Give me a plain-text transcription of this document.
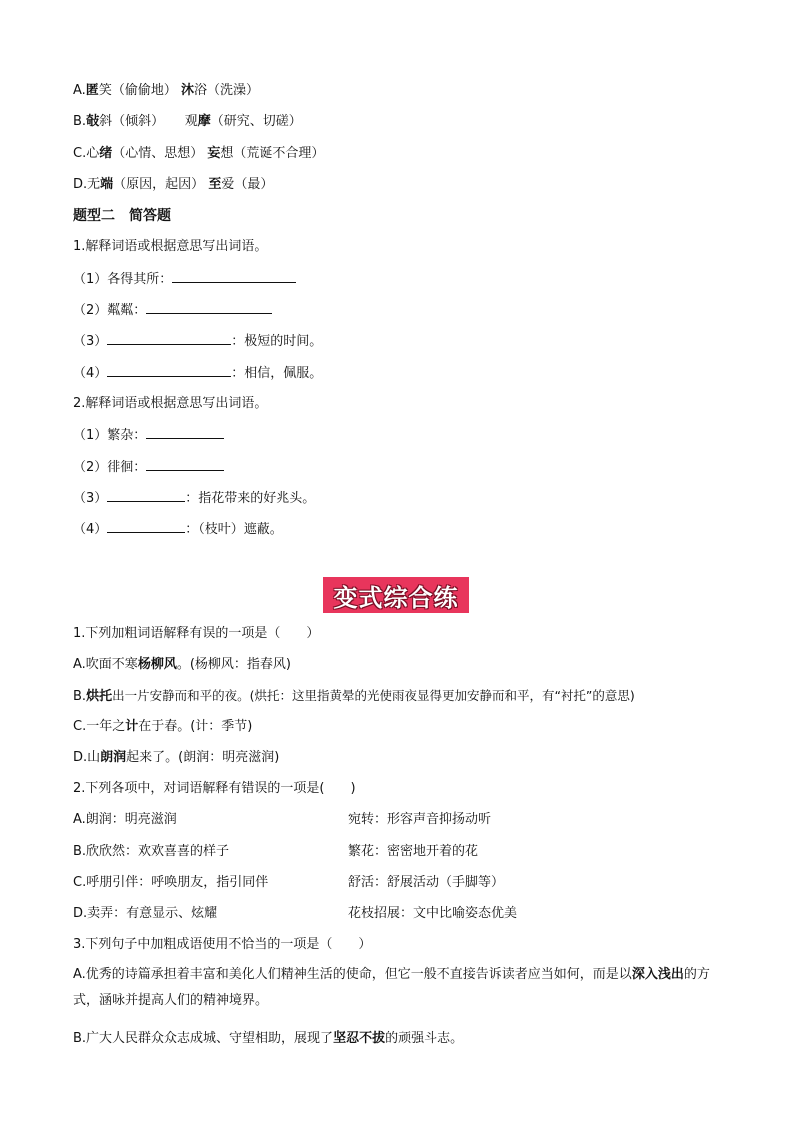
A.匿笑（偷偷地） 沐浴（洗澡）
B.敧斜（倾斜） 观摩（研究、切磋）
C.心绪（心情、思想） 妄想（荒诞不合理）
D.无端（原因，起因） 至爱（最）
题型二　简答题
1.解释词语或根据意思写出词语。
（1）各得其所：
（2）粼粼：
（3）	：极短的时间。
（4）	：相信，佩服。
2.解释词语或根据意思写出词语。
（1）繁杂：
（2）徘徊：
（3）	：指花带来的好兆头。
（4）	：（枝叶）遮蔽。
变式综合练
1.下列加粗词语解释有误的一项是（　　）
A.吹面不寒杨柳风。(杨柳风：指春风)
B.烘托出一片安静而和平的夜。(烘托：这里指黄晕的光使雨夜显得更加安静而和平，有“衬托”的意思)
C.一年之计在于春。(计：季节)
D.山朗润起来了。(朗润：明亮滋润)
2.下列各项中，对词语解释有错误的一项是(　　)
A.朗润：明亮滋润	宛转：形容声音抑扬动听
B.欣欣然：欢欢喜喜的样子	繁花：密密地开着的花
C.呼朋引伴：呼唤朋友，指引同伴	舒活：舒展活动（手脚等）
D.卖弄：有意显示、炫耀	花枝招展：文中比喻姿态优美
3.下列句子中加粗成语使用不恰当的一项是（　　）
A.优秀的诗篇承担着丰富和美化人们精神生活的使命，但它一般不直接告诉读者应当如何，而是以深入浅出的方式，涵咏并提高人们的精神境界。
B.广大人民群众众志成城、守望相助，展现了坚忍不拔的顽强斗志。
